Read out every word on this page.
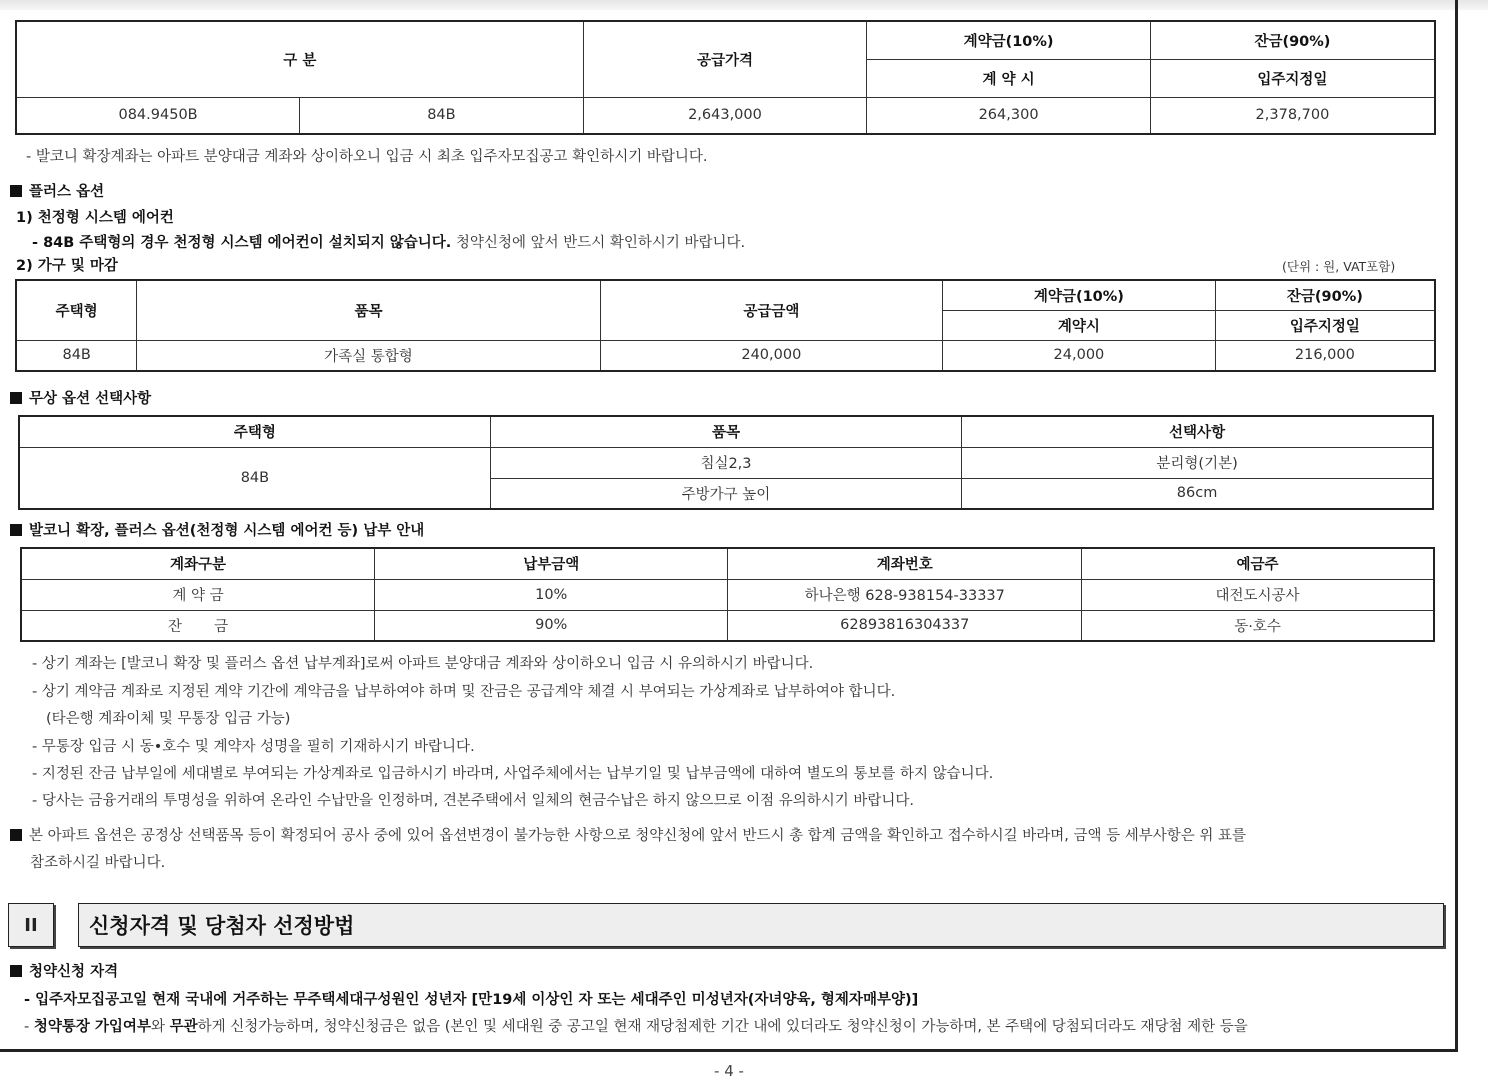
구 분		공급가격	계약금(10%)	잔금(90%)
			계 약 시	입주지정일
084.9450B	84B	2,643,000	264,300	2,378,700
- 발코니 확장계좌는 아파트 분양대금 계좌와 상이하오니 입금 시 최초 입주자모집공고 확인하시기 바랍니다.
플러스 옵션
1) 천정형 시스템 에어컨
- 84B 주택형의 경우 천정형 시스템 에어컨이 설치되지 않습니다. 청약신청에 앞서 반드시 확인하시기 바랍니다.
2) 가구 및 마감	(단위 : 원, VAT포함)
주택형	품목	공급금액	계약금(10%)	잔금(90%)
			계약시	입주지정일
84B	가족실 통합형	240,000	24,000	216,000
무상 옵션 선택사항
주택형	품목	선택사항
84B	침실2,3	분리형(기본)
	주방가구 높이	86cm
발코니 확장, 플러스 옵션(천정형 시스템 에어컨 등) 납부 안내
계좌구분	납부금액	계좌번호	예금주
계 약 금	10%	하나은행 628-938154-33337	대전도시공사
잔       금	90%	62893816304337	동·호수
- 상기 계좌는 [발코니 확장 및 플러스 옵션 납부계좌]로써 아파트 분양대금 계좌와 상이하오니 입금 시 유의하시기 바랍니다.
- 상기 계약금 계좌로 지정된 계약 기간에 계약금을 납부하여야 하며 및 잔금은 공급계약 체결 시 부여되는 가상계좌로 납부하여야 합니다.
(타은행 계좌이체 및 무통장 입금 가능)
- 무통장 입금 시 동•호수 및 계약자 성명을 필히 기재하시기 바랍니다.
- 지정된 잔금 납부일에 세대별로 부여되는 가상계좌로 입금하시기 바라며, 사업주체에서는 납부기일 및 납부금액에 대하여 별도의 통보를 하지 않습니다.
- 당사는 금융거래의 투명성을 위하여 온라인 수납만을 인정하며, 견본주택에서 일체의 현금수납은 하지 않으므로 이점 유의하시기 바랍니다.
본 아파트 옵션은 공정상 선택품목 등이 확정되어 공사 중에 있어 옵션변경이 불가능한 사항으로 청약신청에 앞서 반드시 총 합계 금액을 확인하고 접수하시길 바라며, 금액 등 세부사항은 위 표를
참조하시길 바랍니다.
II	신청자격 및 당첨자 선정방법
청약신청 자격
- 입주자모집공고일 현재 국내에 거주하는 무주택세대구성원인 성년자 [만19세 이상인 자 또는 세대주인 미성년자(자녀양육, 형제자매부양)]
- 청약통장 가입여부와 무관하게 신청가능하며, 청약신청금은 없음 (본인 및 세대원 중 공고일 현재 재당첨제한 기간 내에 있더라도 청약신청이 가능하며, 본 주택에 당첨되더라도 재당첨 제한 등을
- 4 -
